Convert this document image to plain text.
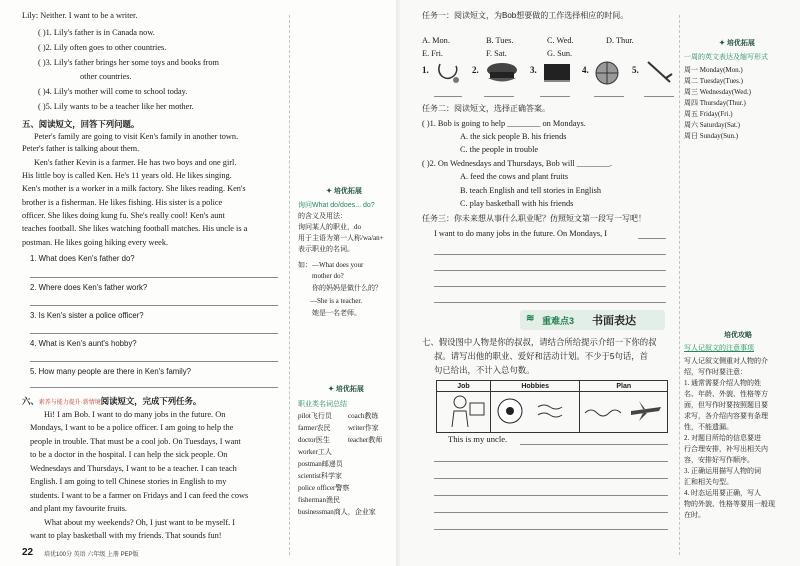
Lily: Neither. I want to be a writer.
( )1. Lily's father is in Canada now.
( )2. Lily often goes to other countries.
( )3. Lily's father brings her some toys and books from
other countries.
( )4. Lily's mother will come to school today.
( )5. Lily wants to be a teacher like her mother.
五、阅读短文，回答下列问题。
Peter's family are going to visit Ken's family in another town.
Peter's father is talking about them.
Ken's father Kevin is a farmer. He has two boys and one girl.
His little boy is called Ken. He's 11 years old. He likes singing.
Ken's mother is a worker in a milk factory. She likes reading. Ken's
brother is a fisherman. He likes fishing. His sister is a police
officer. She likes doing kung fu. She's really cool! Ken's aunt
teaches football. She likes watching football matches. His uncle is a
postman. He likes going hiking every week.
1. What does Ken's father do?
2. Where does Ken's father work?
3. Is Ken's sister a police officer?
4. What is Ken's aunt's hobby?
5. How many people are there in Ken's family?
六、素养与能力提升·新情境阅读短文，完成下列任务。
Hi! I am Bob. I want to do many jobs in the future. On
Mondays, I want to be a police officer. I am going to help the
people in trouble. That must be a cool job. On Tuesdays, I want
to be a doctor in the hospital. I can help the sick people. On
Wednesdays and Thursdays, I want to be a teacher. I can teach
English. I am going to tell Chinese stories in English to my
students. I want to be a farmer on Fridays and I can feed the cows
and plant my favourite fruits.
What about my weekends? Oh, I just want to be myself. I
want to play basketball with my friends. That sounds fun!
22 培优100分 英语 六年级 上册 PEP版
✦ 培优拓展
询问What do/does... do?
的含义及用法：
询问某人的职业，do
用于主语为第一人称/wa/an+
表示职业的名词。
如：—What does your
mother do?
你的妈妈是做什么的？
—She is a teacher.
她是一名老师。
✦ 培优拓展
职业类名词总结
pilot飞行员 coach教练
farmer农民 writer作家
doctor医生	teacher教师
worker工人
postman邮递员
scientist科学家
police officer警察
fisherman渔民
businessman商人，企业家
任务一：阅读短文，为Bob想要做的工作选择相应的时间。
A. Mon.	B. Tues.	C. Wed.	D. Thur.
E. Fri.	F. Sat.	G. Sun.
1.	2.	3.	4.	5.
任务二：阅读短文，选择正确答案。
( )1. Bob is going to help ________ on Mondays.
A. the sick people B. his friends
C. the people in trouble
( )2. On Wednesdays and Thursdays, Bob will ________.
A. feed the cows and plant fruits
B. teach English and tell stories in English
C. play basketball with his friends
任务三：你未来想从事什么职业呢？仿照短文第一段写一写吧！
I want to do many jobs in the future. On Mondays, I
≋ 重难点3 书面表达
七、假设图中人物是你的叔叔，请结合所给提示介绍一下你的叔
叔。请写出他的职业、爱好和活动计划。不少于5句话，首
句已给出，不计入总句数。
Job	Hobbies	Plan

This is my uncle.
✦ 培优拓展
一周的英文表达及缩写形式
周一 Monday(Mon.)
周二 Tuesday(Tues.)
周三 Wednesday(Wed.)
周四 Thursday(Thur.)
周五 Friday(Fri.)
周六 Saturday(Sat.)
周日 Sunday(Sun.)
培优攻略
写人记叙文的注意事项
写人记叙文侧重对人物的介
绍，写作时要注意：
1. 通常需要介绍人物的姓
名、年龄、外貌、性格等方
面，但写作时要按照题目要
求写，各介绍内容要有条理
性，不能遗漏。
2. 对题目所给的信息要进
行合理安排，补写出相关内
容，安排好写作顺序。
3. 正确运用描写人物的词
汇和相关句型。
4. 时态运用要正确，写人
物的外貌、性格等要用一般现
在时。
